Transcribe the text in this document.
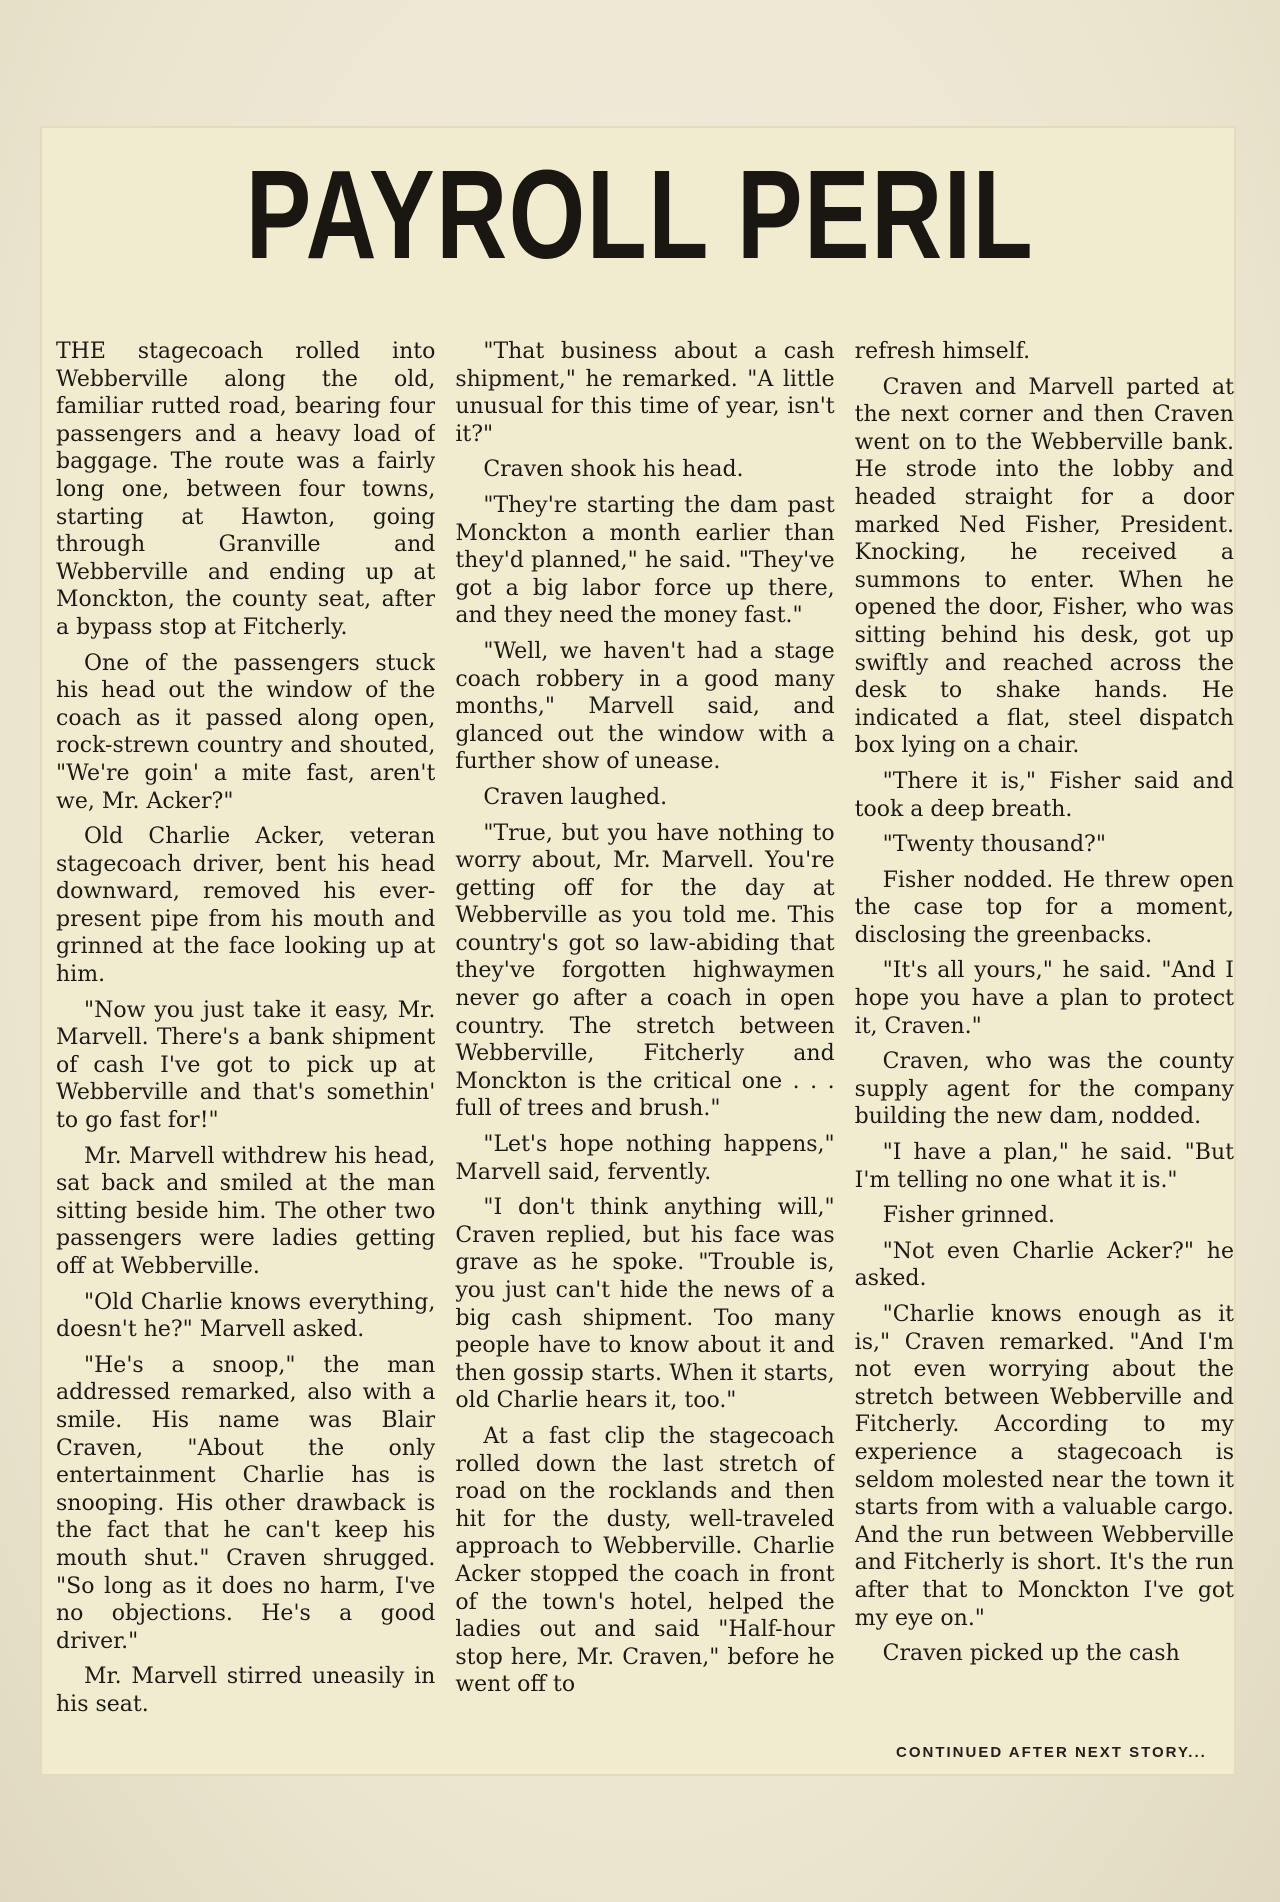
PAYROLL PERIL

THE stagecoach rolled into Webberville along the old, familiar rutted road, bearing four passengers and a heavy load of baggage. The route was a fairly long one, between four towns, starting at Hawton, going through Granville and Webberville and ending up at Monckton, the county seat, after a bypass stop at Fitcherly.

One of the passengers stuck his head out the window of the coach as it passed along open, rock-strewn country and shouted, "We're goin' a mite fast, aren't we, Mr. Acker?"

Old Charlie Acker, veteran stagecoach driver, bent his head downward, removed his ever-present pipe from his mouth and grinned at the face looking up at him.

"Now you just take it easy, Mr. Marvell. There's a bank shipment of cash I've got to pick up at Webberville and that's somethin' to go fast for!"

Mr. Marvell withdrew his head, sat back and smiled at the man sitting beside him. The other two passengers were ladies getting off at Webberville.

"Old Charlie knows everything, doesn't he?" Marvell asked.

"He's a snoop," the man addressed remarked, also with a smile. His name was Blair Craven, "About the only entertainment Charlie has is snooping. His other drawback is the fact that he can't keep his mouth shut." Craven shrugged. "So long as it does no harm, I've no objections. He's a good driver."

Mr. Marvell stirred uneasily in his seat.

"That business about a cash shipment," he remarked. "A little unusual for this time of year, isn't it?"

Craven shook his head.

"They're starting the dam past Monckton a month earlier than they'd planned," he said. "They've got a big labor force up there, and they need the money fast."

"Well, we haven't had a stage coach robbery in a good many months," Marvell said, and glanced out the window with a further show of unease.

Craven laughed.

"True, but you have nothing to worry about, Mr. Marvell. You're getting off for the day at Webberville as you told me. This country's got so law-abiding that they've forgotten highwaymen never go after a coach in open country. The stretch between Webberville, Fitcherly and Monckton is the critical one . . . full of trees and brush."

"Let's hope nothing happens," Marvell said, fervently.

"I don't think anything will," Craven replied, but his face was grave as he spoke. "Trouble is, you just can't hide the news of a big cash shipment. Too many people have to know about it and then gossip starts. When it starts, old Charlie hears it, too."

At a fast clip the stagecoach rolled down the last stretch of road on the rocklands and then hit for the dusty, well-traveled approach to Webberville. Charlie Acker stopped the coach in front of the town's hotel, helped the ladies out and said "Half-hour stop here, Mr. Craven," before he went off to

refresh himself.

Craven and Marvell parted at the next corner and then Craven went on to the Webberville bank. He strode into the lobby and headed straight for a door marked Ned Fisher, President. Knocking, he received a summons to enter. When he opened the door, Fisher, who was sitting behind his desk, got up swiftly and reached across the desk to shake hands. He indicated a flat, steel dispatch box lying on a chair.

"There it is," Fisher said and took a deep breath.

"Twenty thousand?"

Fisher nodded. He threw open the case top for a moment, disclosing the greenbacks.

"It's all yours," he said. "And I hope you have a plan to protect it, Craven."

Craven, who was the county supply agent for the company building the new dam, nodded.

"I have a plan," he said. "But I'm telling no one what it is."

Fisher grinned.

"Not even Charlie Acker?" he asked.

"Charlie knows enough as it is," Craven remarked. "And I'm not even worrying about the stretch between Webberville and Fitcherly. According to my experience a stagecoach is seldom molested near the town it starts from with a valuable cargo. And the run between Webberville and Fitcherly is short. It's the run after that to Monckton I've got my eye on."

Craven picked up the cash

CONTINUED AFTER NEXT STORY...
